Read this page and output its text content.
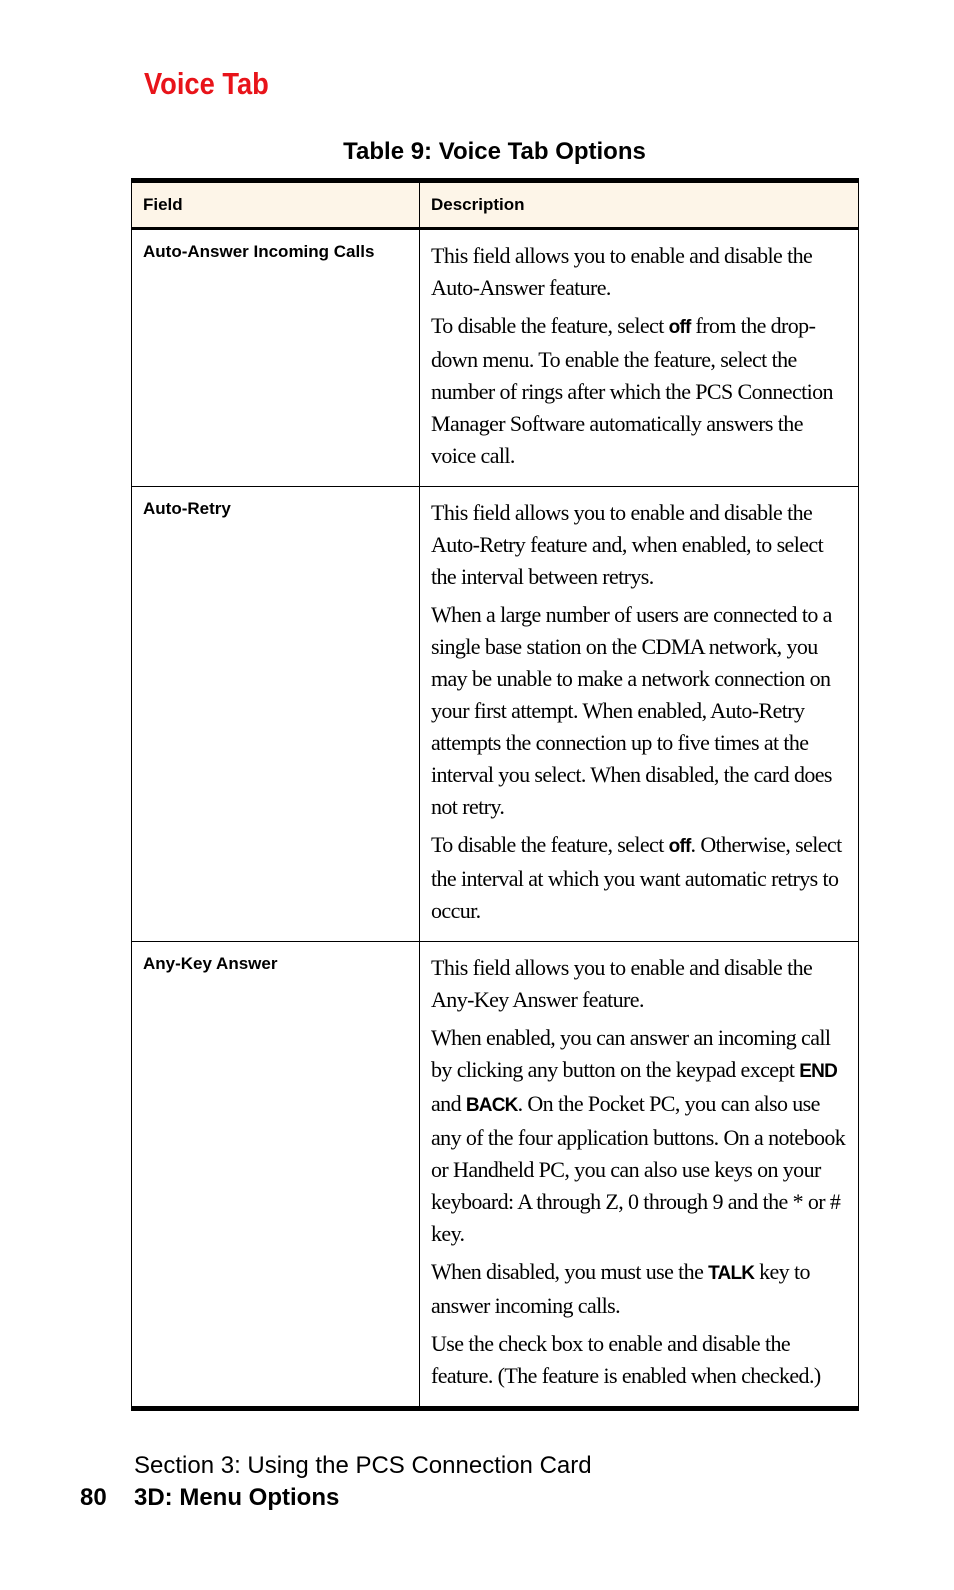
Voice Tab
Table 9: Voice Tab Options
Field	Description
Auto-Answer Incoming Calls	This field allows you to enable and disable the Auto-Answer feature.

To disable the feature, select off from the drop-down menu. To enable the feature, select the number of rings after which the PCS Connection Manager Software automatically answers the voice call.

Auto-Retry	This field allows you to enable and disable the Auto-Retry feature and, when enabled, to select the interval between retrys.

When a large number of users are connected to a single base station on the CDMA network, you may be unable to make a network connection on your first attempt. When enabled, Auto-Retry attempts the connection up to five times at the interval you select. When disabled, the card does not retry.

To disable the feature, select off. Otherwise, select the interval at which you want automatic retrys to occur.

Any-Key Answer	This field allows you to enable and disable the Any-Key Answer feature.

When enabled, you can answer an incoming call by clicking any button on the keypad except END and BACK. On the Pocket PC, you can also use any of the four application buttons. On a notebook or Handheld PC, you can also use keys on your keyboard: A through Z, 0 through 9 and the * or # key.

When disabled, you must use the TALK key to answer incoming calls.

Use the check box to enable and disable the feature. (The feature is enabled when checked.)

Section 3: Using the PCS Connection Card
80 3D: Menu Options
